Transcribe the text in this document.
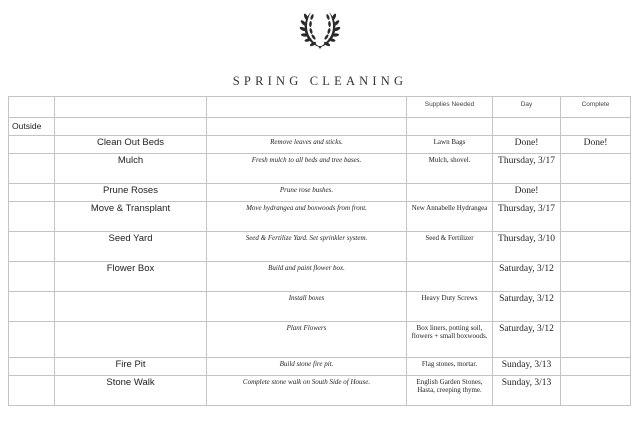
SPRING CLEANING
			Supplies Needed	Day	Complete
Outside					
	Clean Out Beds	Remove leaves and sticks.	Lawn Bags	Done!	Done!
	Mulch	Fresh mulch to all beds and tree bases.	Mulch, shovel.	Thursday, 3/17	
	Prune Roses	Prune rose bushes.		Done!	
	Move & Transplant	Move hydrangea and boxwoods from front.	New Annabelle Hydrangea	Thursday, 3/17	
	Seed Yard	Seed & Fertilize Yard. Set sprinkler system.	Seed & Fertilizer	Thursday, 3/10	
	Flower Box	Build and paint flower box.		Saturday, 3/12	
		Install boxes	Heavy Duty Screws	Saturday, 3/12	
		Plant Flowers	Box liners, potting soil, flowers + small boxwoods.	Saturday, 3/12	
	Fire Pit	Build stone fire pit.	Flag stones, mortar.	Sunday, 3/13	
	Stone Walk	Complete stone walk on South Side of House.	English Garden Stones, Hasta, creeping thyme.	Sunday, 3/13	
